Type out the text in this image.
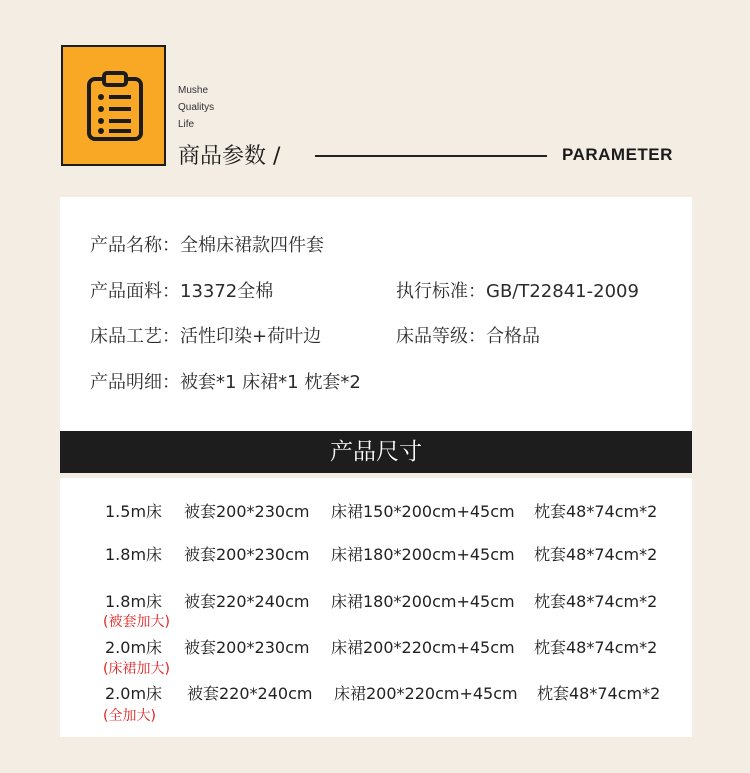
Mushe
Qualitys
Life
商品参数 /	PARAMETER
产品名称：全棉床裙款四件套
产品面料：13372全棉	执行标准：GB/T22841-2009
床品工艺：活性印染+荷叶边	床品等级：合格品
产品明细：被套*1 床裙*1 枕套*2
产品尺寸
1.5m床 被套200*230cm 床裙150*200cm+45cm 枕套48*74cm*2
1.8m床 被套200*230cm 床裙180*200cm+45cm 枕套48*74cm*2
1.8m床 被套220*240cm 床裙180*200cm+45cm 枕套48*74cm*2
(被套加大)
2.0m床 被套200*230cm 床裙200*220cm+45cm 枕套48*74cm*2
(床裙加大)
2.0m床 被套220*240cm 床裙200*220cm+45cm 枕套48*74cm*2
(全加大)
